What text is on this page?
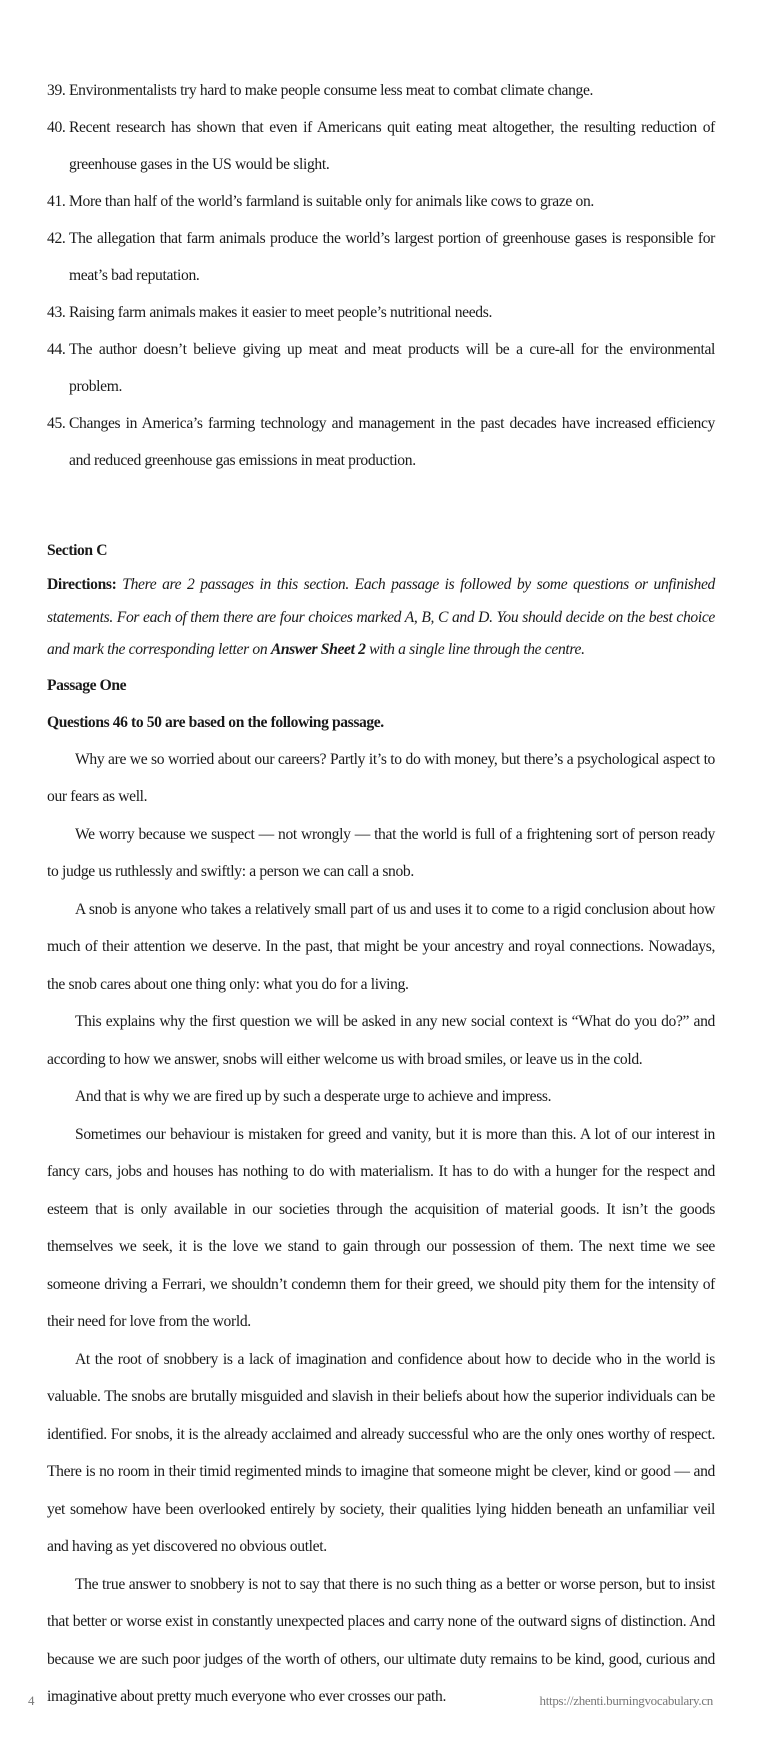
39. Environmentalists try hard to make people consume less meat to combat climate change.
40. Recent research has shown that even if Americans quit eating meat altogether, the resulting reduction of greenhouse gases in the US would be slight.
41. More than half of the world’s farmland is suitable only for animals like cows to graze on.
42. The allegation that farm animals produce the world’s largest portion of greenhouse gases is responsible for meat’s bad reputation.
43. Raising farm animals makes it easier to meet people’s nutritional needs.
44. The author doesn’t believe giving up meat and meat products will be a cure-all for the environmental problem.
45. Changes in America’s farming technology and management in the past decades have increased efficiency and reduced greenhouse gas emissions in meat production.
Section C
Directions: There are 2 passages in this section. Each passage is followed by some questions or unfinished statements. For each of them there are four choices marked A, B, C and D. You should decide on the best choice and mark the corresponding letter on Answer Sheet 2 with a single line through the centre.
Passage One
Questions 46 to 50 are based on the following passage.

Why are we so worried about our careers? Partly it’s to do with money, but there’s a psychological aspect to our fears as well.

We worry because we suspect — not wrongly — that the world is full of a frightening sort of person ready to judge us ruthlessly and swiftly: a person we can call a snob.

A snob is anyone who takes a relatively small part of us and uses it to come to a rigid conclusion about how much of their attention we deserve. In the past, that might be your ancestry and royal connections. Nowadays, the snob cares about one thing only: what you do for a living.

This explains why the first question we will be asked in any new social context is “What do you do?” and according to how we answer, snobs will either welcome us with broad smiles, or leave us in the cold.

And that is why we are fired up by such a desperate urge to achieve and impress.

Sometimes our behaviour is mistaken for greed and vanity, but it is more than this. A lot of our interest in fancy cars, jobs and houses has nothing to do with materialism. It has to do with a hunger for the respect and esteem that is only available in our societies through the acquisition of material goods. It isn’t the goods themselves we seek, it is the love we stand to gain through our possession of them. The next time we see someone driving a Ferrari, we shouldn’t condemn them for their greed, we should pity them for the intensity of their need for love from the world.

At the root of snobbery is a lack of imagination and confidence about how to decide who in the world is valuable. The snobs are brutally misguided and slavish in their beliefs about how the superior individuals can be identified. For snobs, it is the already acclaimed and already successful who are the only ones worthy of respect. There is no room in their timid regimented minds to imagine that someone might be clever, kind or good — and yet somehow have been overlooked entirely by society, their qualities lying hidden beneath an unfamiliar veil and having as yet discovered no obvious outlet.

The true answer to snobbery is not to say that there is no such thing as a better or worse person, but to insist that better or worse exist in constantly unexpected places and carry none of the outward signs of distinction. And because we are such poor judges of the worth of others, our ultimate duty remains to be kind, good, curious and imaginative about pretty much everyone who ever crosses our path.

4	https://zhenti.burningvocabulary.cn
